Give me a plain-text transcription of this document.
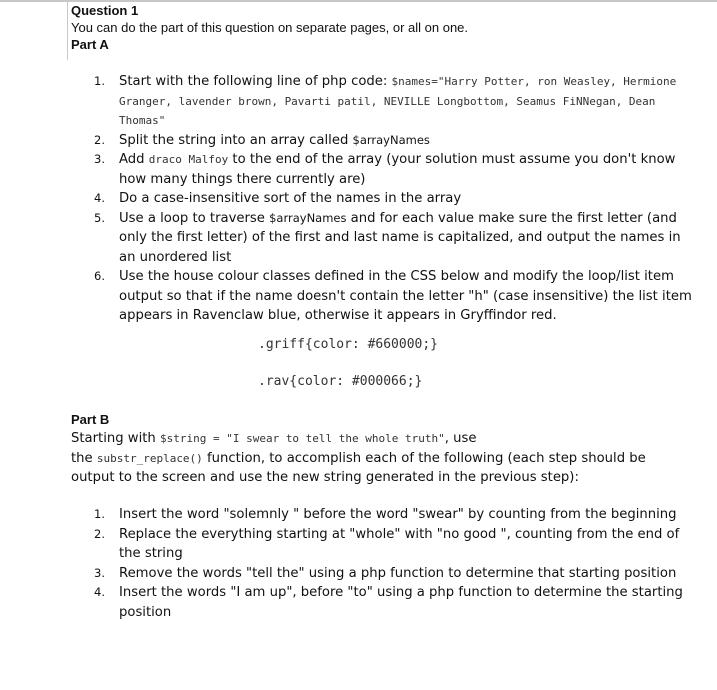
Question 1
You can do the part of this question on separate pages, or all on one.
Part A
1. Start with the following line of php code: $names="Harry Potter, ron Weasley, Hermione Granger, lavender brown, Pavarti patil, NEVILLE Longbottom, Seamus FiNNegan, Dean Thomas"
2. Split the string into an array called $arrayNames
3. Add draco Malfoy to the end of the array (your solution must assume you don't know how many things there currently are)
4. Do a case-insensitive sort of the names in the array
5. Use a loop to traverse $arrayNames and for each value make sure the first letter (and only the first letter) of the first and last name is capitalized, and output the names in an unordered list
6. Use the house colour classes defined in the CSS below and modify the loop/list item output so that if the name doesn't contain the letter "h" (case insensitive) the list item appears in Ravenclaw blue, otherwise it appears in Gryffindor red.
.griff{color: #660000;}
.rav{color: #000066;}
Part B
Starting with $string = "I swear to tell the whole truth", use
the substr_replace() function, to accomplish each of the following (each step should be output to the screen and use the new string generated in the previous step):
1. Insert the word "solemnly " before the word "swear" by counting from the beginning
2. Replace the everything starting at "whole" with "no good ", counting from the end of the string
3. Remove the words "tell the" using a php function to determine that starting position
4. Insert the words "I am up", before "to" using a php function to determine the starting position
